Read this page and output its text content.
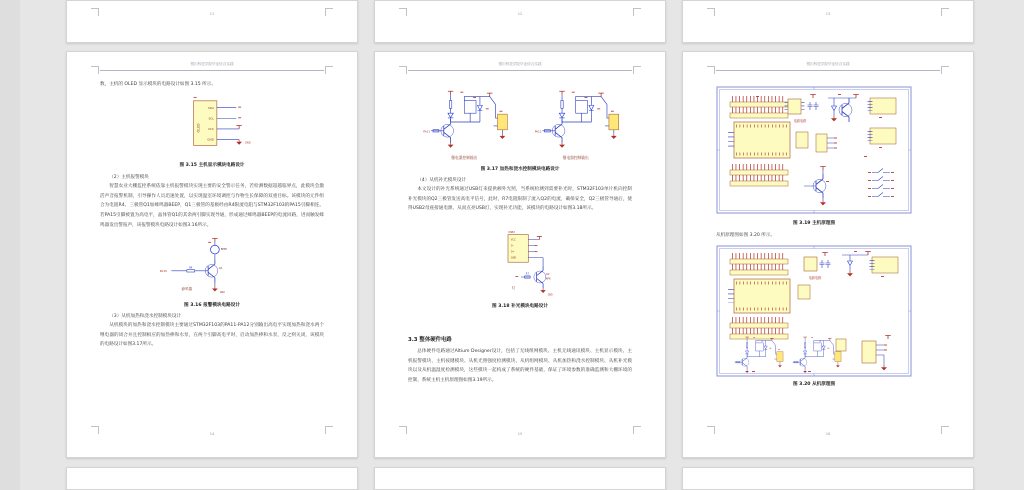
11	12	13
银川科技学院毕业综合实践
数，主机的 OLED 显示模块的电路设计如图 3.15 所示。
OLED
SDA
SCL
VCC
GND
GND
图 3.15 主机显示模块电路设计
（2）主机报警模块

智慧农业大棚监控系统依靠主机报警模块实现主要的安全警示任务，若检测数据超越临界点，此模块会激活声音报警机制，引导操作人员迅速处置，以实现温室环境调控与作物生长保障的双重目标。该模块的元件组合为电阻R4、三极管Q1加蜂鸣器BEEP，Q1三极管的基极经由R4限流电阻与STM32F103的PA15引脚相连。若PA15引脚被置为高电平，晶体管Q1的其余两引脚实现导通，形成通过蜂鸣器BEEP的电流回路，进而触发蜂鸣器发出警报声，该报警模块电路设计如图3.16所示。

PA15
R4	Q1
BEEP
GND
蜂鸣器
图 3.16 报警模块电路设计
（3）从机加热和浇水控制模块设计

从机模块的加热和浇水控制模块主要通过STM32F103的PA11-PA12分别输出高电平实现加热和浇水两个继电器的闭合并且控制相应的加热棒和水泵，在两个引脚高电平时，启动加热棒和水泵，反之则关闭，该模块的电路设计如图3.17所示。

14
银川科技学院毕业综合实践
PA11	PA12
继电器控制输出	继电器控制输出
图 3.17 加热和浇水控制模块电路设计
（4）从机补光模块设计

本文设计的补光系统通过USB灯来提供额外光照，当系统检测到需要补光时，STM32F103单片机向控制补光模块的Q2三极管发送高电平信号，此时，R7电阻限制了流入Q2的电流，确保安全，Q2三极管导通后，使得USB2母座接通电源，从而点亮USB灯，实现补光功能，该模块的电路设计如图3.18所示。

USB2
VCC
D-
D+
GND
Q2
NPN
R7
灯
GND
图 3.18 补光模块电路设计
3.3 整体硬件电路

总体硬件电路通过Altium Designer设计，包括了无线组网模块、主机无线通讯模块、主机显示模块、主机报警模块、主机按键模块、从机光照强度检测模块、从机组网模块、从机加热和浇水控制模块、从机补光模块以及从机温湿度检测模块，这些模块一起构成了系统的硬件基础，保证了环境参数的准确监测和大棚环境的控制，系统主机主机原理图如图3.19所示。

15
银川科技学院毕业综合实践
电源电路
图 3.19 主机原理图
从机原理图如图 3.20 所示。
电源电路
图 3.20 从机原理图
16
